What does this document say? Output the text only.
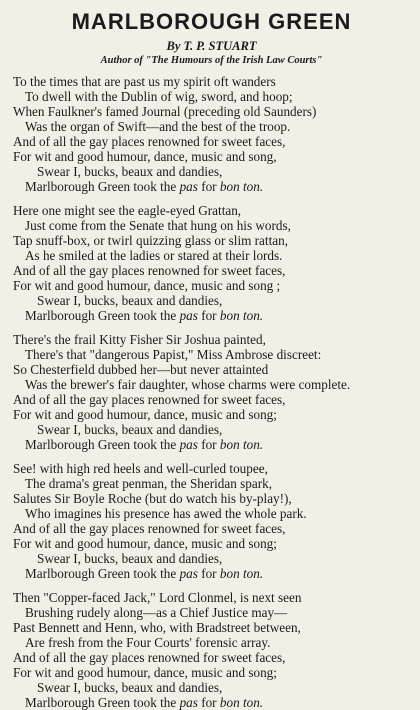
MARLBOROUGH GREEN
By T. P. STUART
Author of "The Humours of the Irish Law Courts"
To the times that are past us my spirit oft wanders
To dwell with the Dublin of wig, sword, and hoop;
When Faulkner's famed Journal (preceding old Saunders)
Was the organ of Swift—and the best of the troop.
And of all the gay places renowned for sweet faces,
For wit and good humour, dance, music and song,
Swear I, bucks, beaux and dandies,
Marlborough Green took the pas for bon ton.
Here one might see the eagle-eyed Grattan,
Just come from the Senate that hung on his words,
Tap snuff-box, or twirl quizzing glass or slim rattan,
As he smiled at the ladies or stared at their lords.
And of all the gay places renowned for sweet faces,
For wit and good humour, dance, music and song ;
Swear I, bucks, beaux and dandies,
Marlborough Green took the pas for bon ton.
There's the frail Kitty Fisher Sir Joshua painted,
There's that "dangerous Papist," Miss Ambrose discreet:
So Chesterfield dubbed her—but never attainted
Was the brewer's fair daughter, whose charms were complete.
And of all the gay places renowned for sweet faces,
For wit and good humour, dance, music and song;
Swear I, bucks, beaux and dandies,
Marlborough Green took the pas for bon ton.
See! with high red heels and well-curled toupee,
The drama's great penman, the Sheridan spark,
Salutes Sir Boyle Roche (but do watch his by-play!),
Who imagines his presence has awed the whole park.
And of all the gay places renowned for sweet faces,
For wit and good humour, dance, music and song;
Swear I, bucks, beaux and dandies,
Marlborough Green took the pas for bon ton.
Then "Copper-faced Jack," Lord Clonmel, is next seen
Brushing rudely along—as a Chief Justice may—
Past Bennett and Henn, who, with Bradstreet between,
Are fresh from the Four Courts' forensic array.
And of all the gay places renowned for sweet faces,
For wit and good humour, dance, music and song;
Swear I, bucks, beaux and dandies,
Marlborough Green took the pas for bon ton.
